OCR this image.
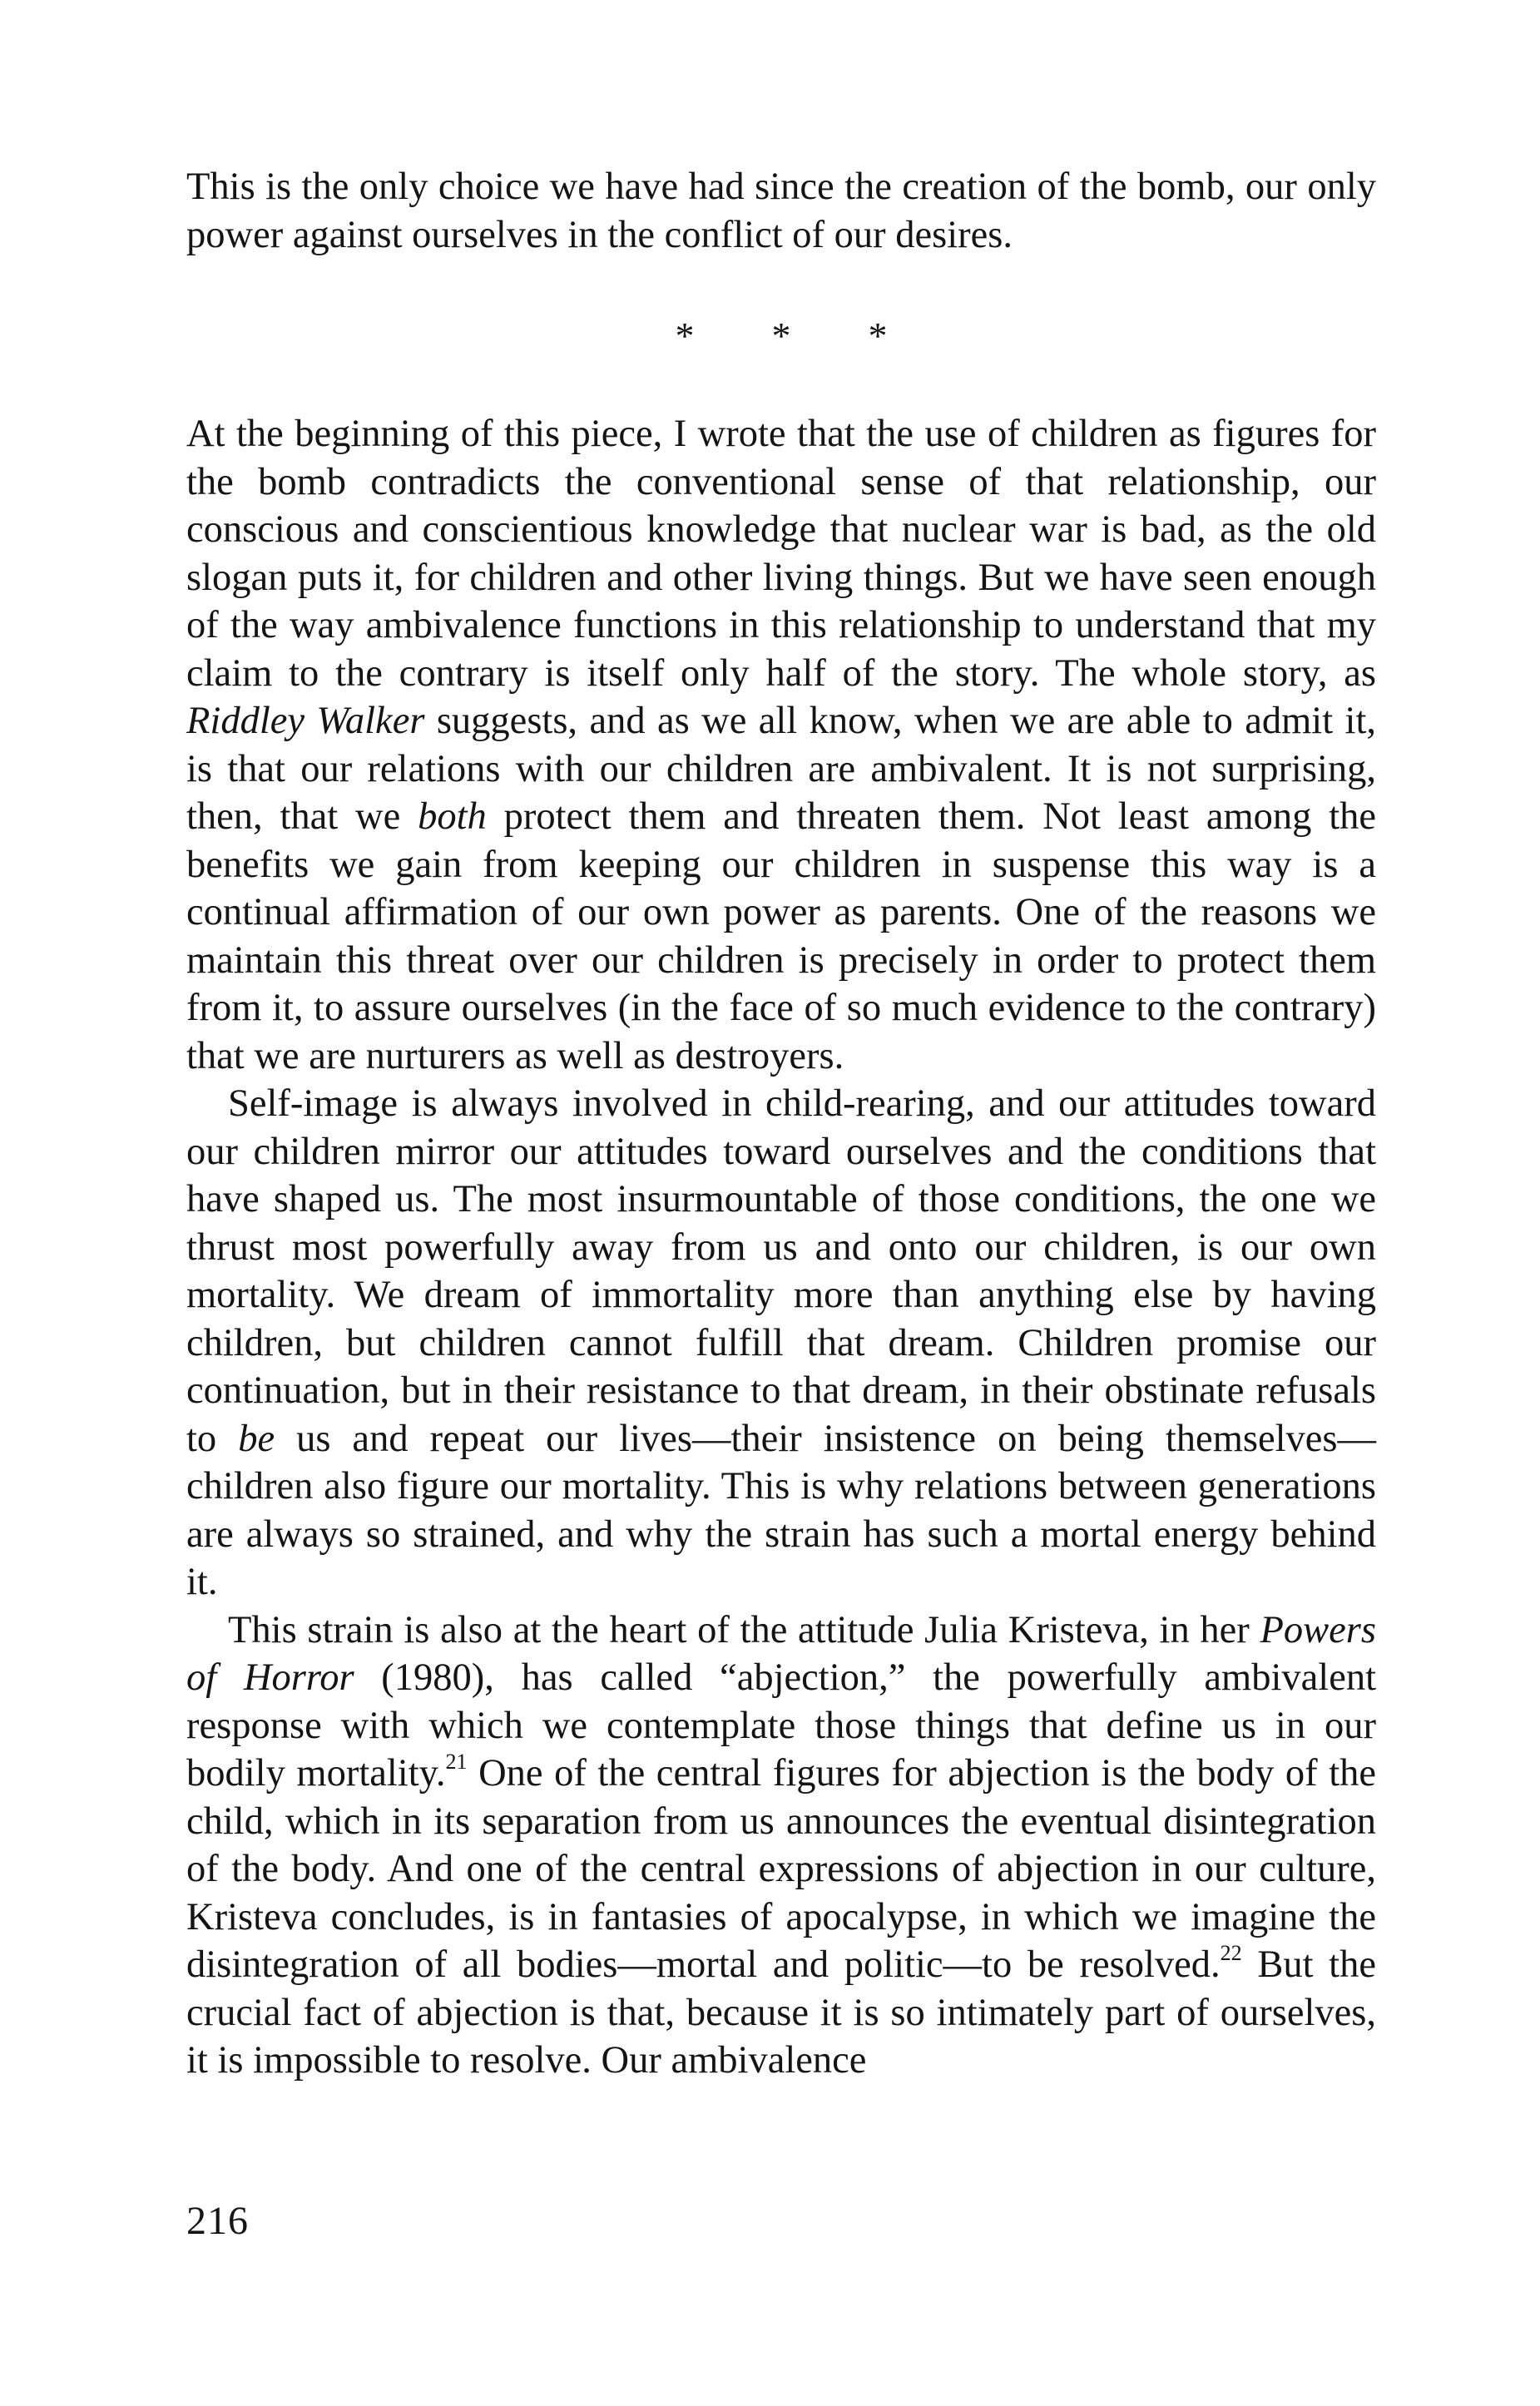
This is the only choice we have had since the creation of the bomb, our only power against ourselves in the conflict of our desires.

* * *

At the beginning of this piece, I wrote that the use of children as figures for the bomb contradicts the conventional sense of that relationship, our conscious and conscientious knowledge that nuclear war is bad, as the old slogan puts it, for children and other living things. But we have seen enough of the way ambivalence functions in this relationship to understand that my claim to the contrary is itself only half of the story. The whole story, as Riddley Walker suggests, and as we all know, when we are able to admit it, is that our relations with our children are ambivalent. It is not surprising, then, that we both protect them and threaten them. Not least among the benefits we gain from keeping our children in suspense this way is a continual affirmation of our own power as parents. One of the reasons we maintain this threat over our children is precisely in order to protect them from it, to assure ourselves (in the face of so much evidence to the contrary) that we are nurturers as well as destroyers.

Self-image is always involved in child-rearing, and our attitudes toward our children mirror our attitudes toward ourselves and the conditions that have shaped us. The most insurmountable of those conditions, the one we thrust most powerfully away from us and onto our children, is our own mortality. We dream of immortality more than anything else by having children, but children cannot fulfill that dream. Children promise our continuation, but in their resistance to that dream, in their obstinate refusals to be us and repeat our lives—their insistence on being themselves—children also figure our mortality. This is why relations between generations are always so strained, and why the strain has such a mortal energy behind it.

This strain is also at the heart of the attitude Julia Kristeva, in her Powers of Horror (1980), has called “abjection,” the powerfully ambivalent response with which we contemplate those things that define us in our bodily mortality.$^{21}$ One of the central figures for abjection is the body of the child, which in its separation from us announces the eventual disintegration of the body. And one of the central expressions of abjection in our culture, Kristeva concludes, is in fantasies of apocalypse, in which we imagine the disintegration of all bodies—mortal and politic—to be resolved.$^{22}$ But the crucial fact of abjection is that, because it is so intimately part of ourselves, it is impossible to resolve. Our ambivalence

216
